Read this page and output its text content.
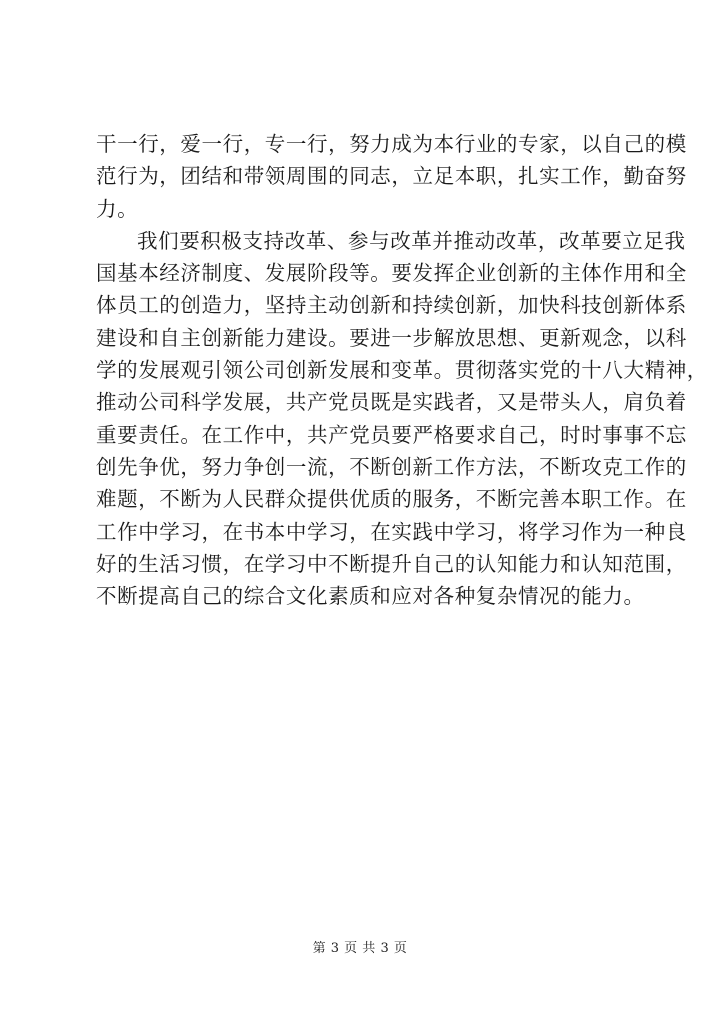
干一行，爱一行，专一行，努力成为本行业的专家，以自己的模
范行为，团结和带领周围的同志，立足本职，扎实工作，勤奋努
力。
我们要积极支持改革、参与改革并推动改革，改革要立足我
国基本经济制度、发展阶段等。要发挥企业创新的主体作用和全
体员工的创造力，坚持主动创新和持续创新，加快科技创新体系
建设和自主创新能力建设。要进一步解放思想、更新观念，以科
学的发展观引领公司创新发展和变革。贯彻落实党的十八大精神，
推动公司科学发展，共产党员既是实践者，又是带头人，肩负着
重要责任。在工作中，共产党员要严格要求自己，时时事事不忘
创先争优，努力争创一流，不断创新工作方法，不断攻克工作的
难题，不断为人民群众提供优质的服务，不断完善本职工作。在
工作中学习，在书本中学习，在实践中学习，将学习作为一种良
好的生活习惯，在学习中不断提升自己的认知能力和认知范围，
不断提高自己的综合文化素质和应对各种复杂情况的能力。
第 3 页 共 3 页
